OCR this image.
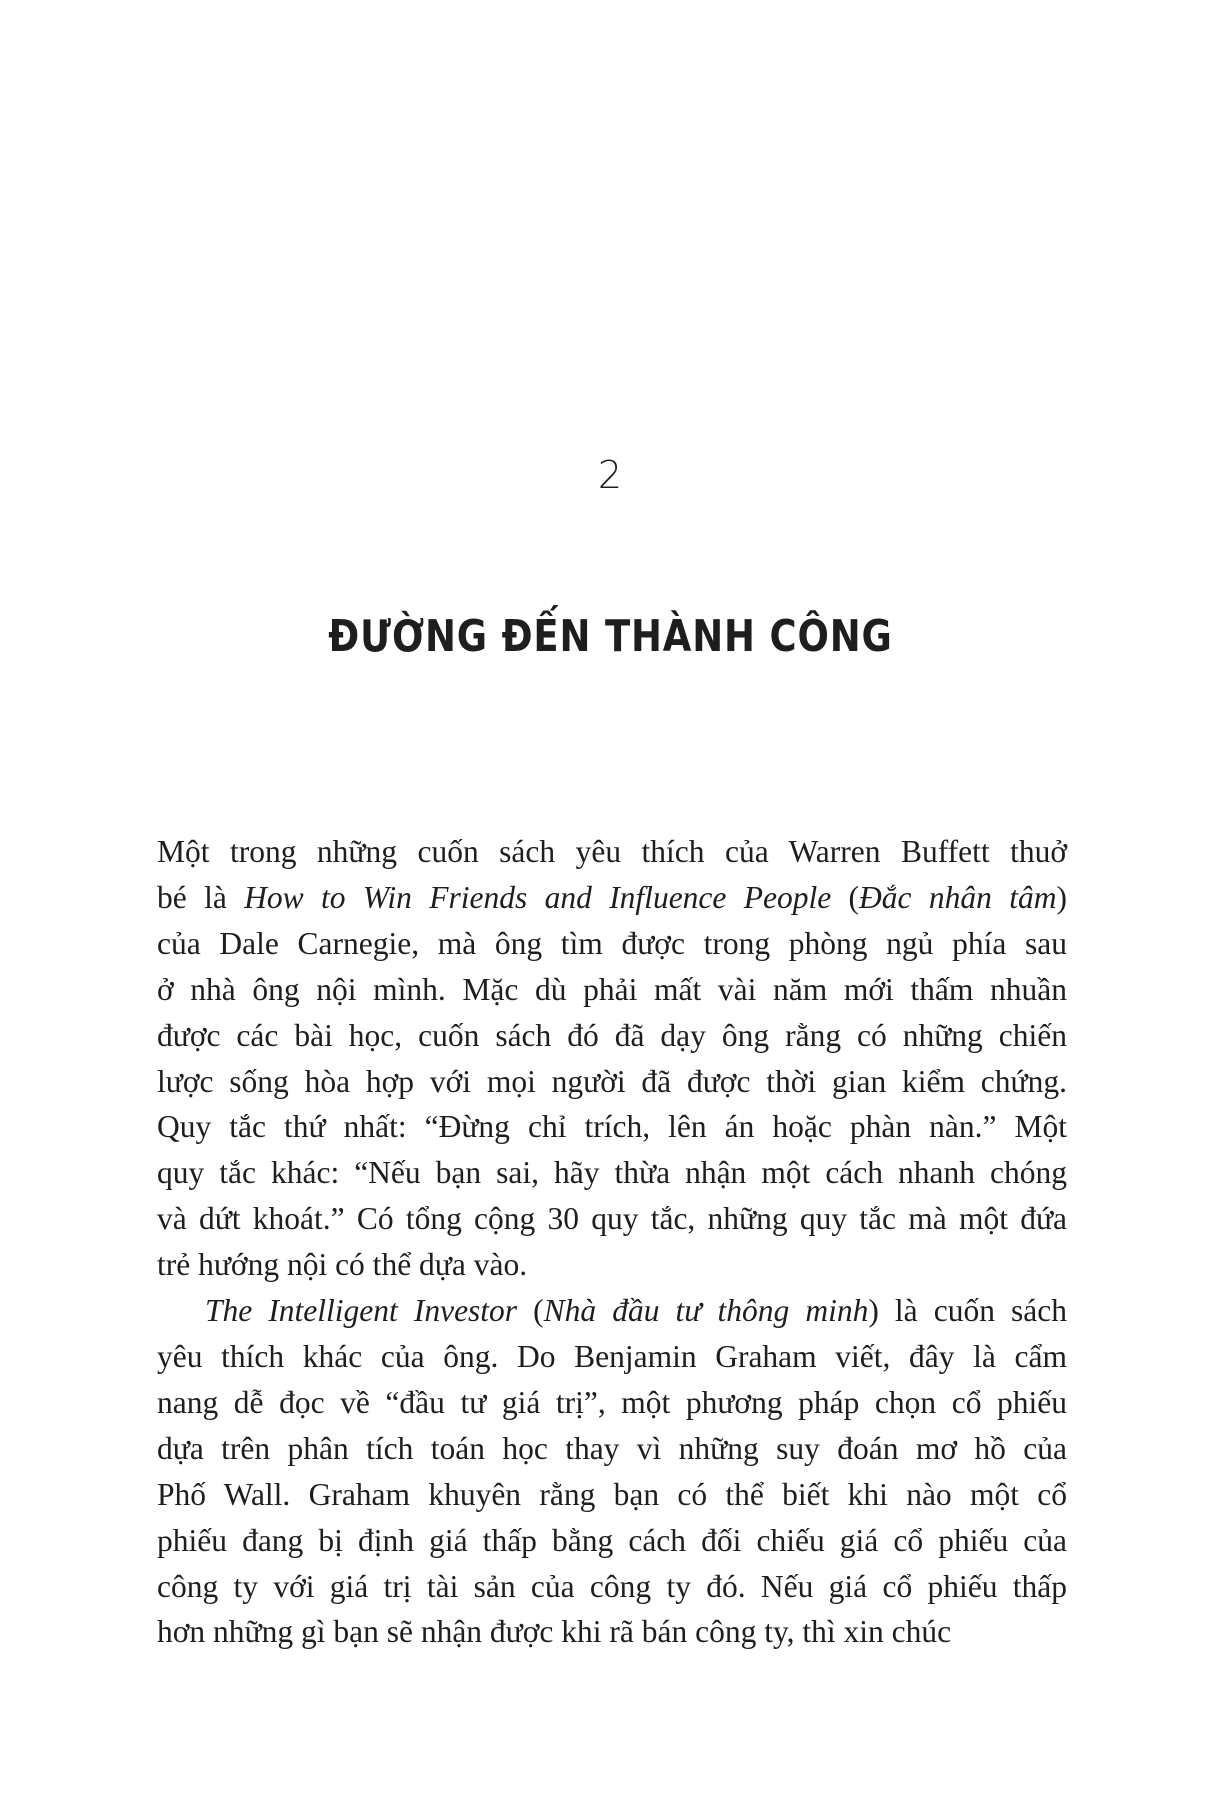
2
ĐƯỜNG ĐẾN THÀNH CÔNG
Một trong những cuốn sách yêu thích của Warren Buffett thuở
bé là How to Win Friends and Influence People (Đắc nhân tâm)
của Dale Carnegie, mà ông tìm được trong phòng ngủ phía sau
ở nhà ông nội mình. Mặc dù phải mất vài năm mới thấm nhuần
được các bài học, cuốn sách đó đã dạy ông rằng có những chiến
lược sống hòa hợp với mọi người đã được thời gian kiểm chứng.
Quy tắc thứ nhất: “Đừng chỉ trích, lên án hoặc phàn nàn.” Một
quy tắc khác: “Nếu bạn sai, hãy thừa nhận một cách nhanh chóng
và dứt khoát.” Có tổng cộng 30 quy tắc, những quy tắc mà một đứa
trẻ hướng nội có thể dựa vào.
The Intelligent Investor (Nhà đầu tư thông minh) là cuốn sách
yêu thích khác của ông. Do Benjamin Graham viết, đây là cẩm
nang dễ đọc về “đầu tư giá trị”, một phương pháp chọn cổ phiếu
dựa trên phân tích toán học thay vì những suy đoán mơ hồ của
Phố Wall. Graham khuyên rằng bạn có thể biết khi nào một cổ
phiếu đang bị định giá thấp bằng cách đối chiếu giá cổ phiếu của
công ty với giá trị tài sản của công ty đó. Nếu giá cổ phiếu thấp
hơn những gì bạn sẽ nhận được khi rã bán công ty, thì xin chúc
